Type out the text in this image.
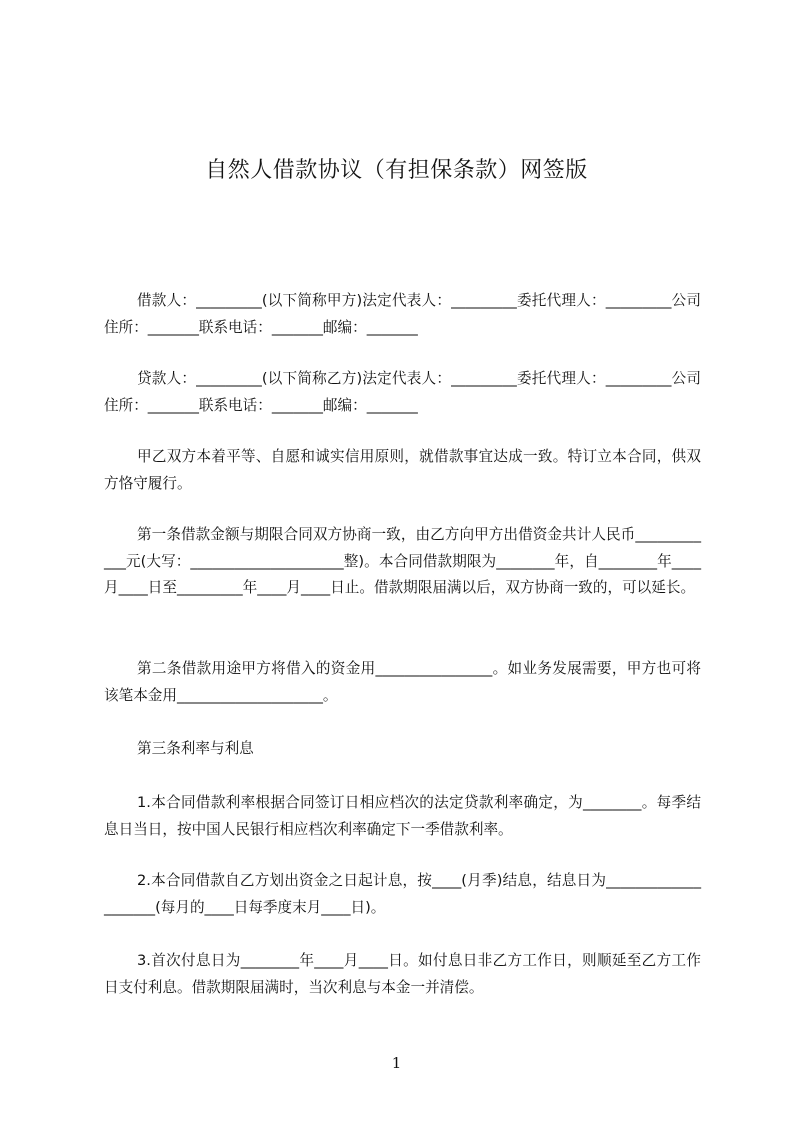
自然人借款协议（有担保条款）网签版

借款人：_________(以下简称甲方)法定代表人：_________委托代理人：_________公司住所：_______联系电话：_______邮编：_______

贷款人：_________(以下简称乙方)法定代表人：_________委托代理人：_________公司住所：_______联系电话：_______邮编：_______

甲乙双方本着平等、自愿和诚实信用原则，就借款事宜达成一致。特订立本合同，供双方恪守履行。

第一条借款金额与期限合同双方协商一致，由乙方向甲方出借资金共计人民币____________元(大写：_____________________整)。本合同借款期限为________年，自________年____月____日至_________年____月____日止。借款期限届满以后，双方协商一致的，可以延长。

第二条借款用途甲方将借入的资金用________________。如业务发展需要，甲方也可将该笔本金用____________________。

第三条利率与利息

1.本合同借款利率根据合同签订日相应档次的法定贷款利率确定，为________。每季结息日当日，按中国人民银行相应档次利率确定下一季借款利率。

2.本合同借款自乙方划出资金之日起计息，按____(月季)结息，结息日为____________________(每月的____日每季度末月____日)。

3.首次付息日为________年____月____日。如付息日非乙方工作日，则顺延至乙方工作日支付利息。借款期限届满时，当次利息与本金一并清偿。

1
